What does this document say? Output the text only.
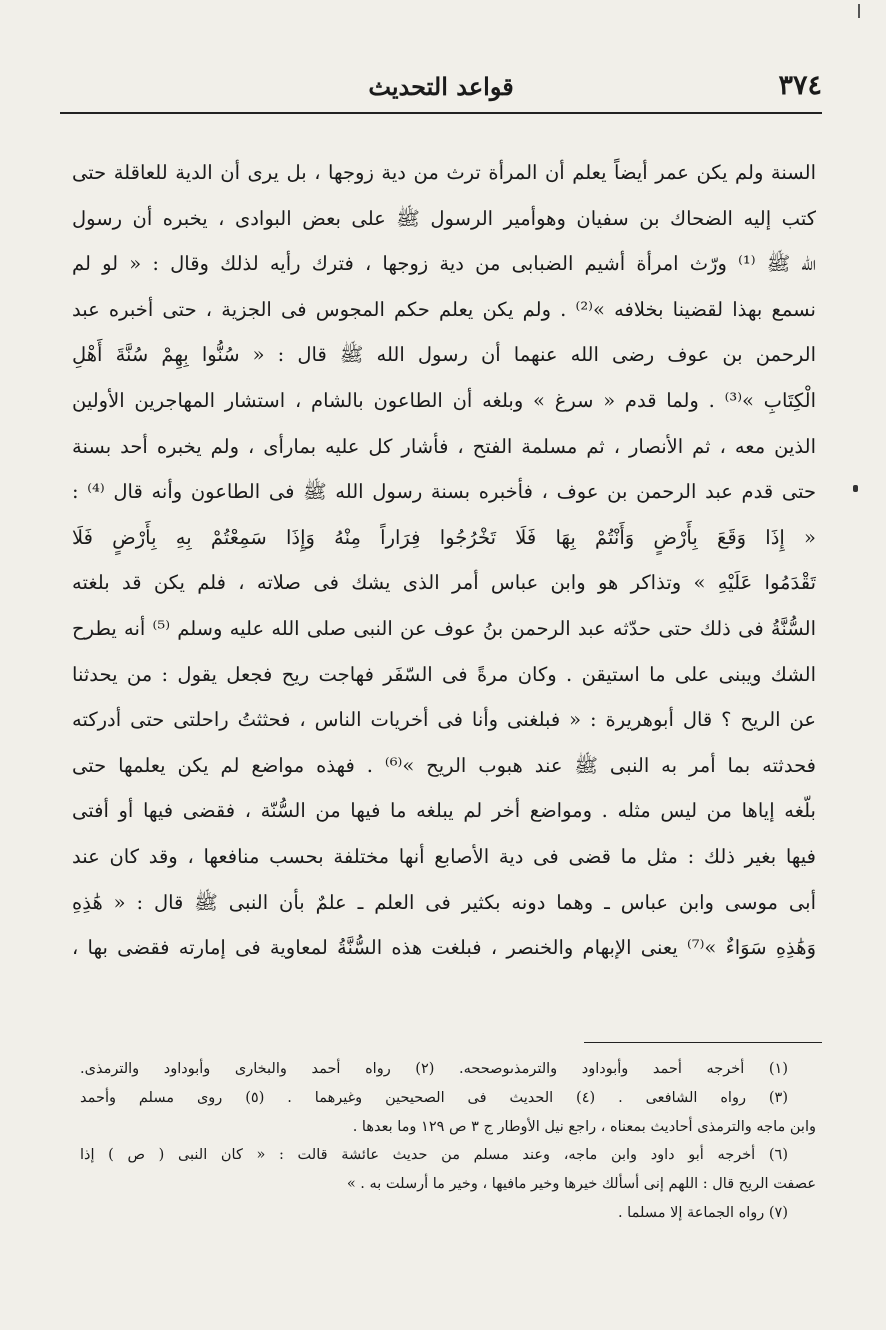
٣٧٤
قواعد التحديث
السنة ولم يكن عمر أيضاً يعلم أن المرأة ترث من دية زوجها ، بل يرى أن الدية للعاقلة حتى
كتب إليه الضحاك بن سفيان وهوأمير الرسول ﷺ على بعض البوادى ، يخبره أن رسول
الله ﷺ ⁽¹⁾ ورّث امرأة أشيم الضبابى من دية زوجها ، فترك رأيه لذلك وقال : « لو لم
نسمع بهذا لقضينا بخلافه »⁽²⁾ . ولم يكن يعلم حكم المجوس فى الجزية ، حتى أخبره عبد
الرحمن بن عوف رضى الله عنهما أن رسول الله ﷺ قال : « سُنُّوا بِهِمْ سُنَّةَ أَهْلِ
الْكِتَابِ »⁽³⁾ . ولما قدم « سرغ » وبلغه أن الطاعون بالشام ، استشار المهاجرين الأولين
الذين معه ، ثم الأنصار ، ثم مسلمة الفتح ، فأشار كل عليه بمارأى ، ولم يخبره أحد بسنة
حتى قدم عبد الرحمن بن عوف ، فأخبره بسنة رسول الله ﷺ فى الطاعون وأنه قال ⁽⁴⁾ :
« إِذَا وَقَعَ بِأَرْضٍ وَأَنْتُمْ بِهَا فَلَا تَخْرُجُوا فِرَاراً مِنْهُ وَإِذَا سَمِعْتُمْ بِهِ بِأَرْضٍ فَلَا
تَقْدَمُوا عَلَيْهِ » وتذاكر هو وابن عباس أمر الذى يشك فى صلاته ، فلم يكن قد بلغته
السُّنَّةُ فى ذلك حتى حدّثه عبد الرحمن بنُ عوف عن النبى صلى الله عليه وسلم ⁽⁵⁾ أنه يطرح
الشك ويبنى على ما استيقن . وكان مرةً فى السّفَر فهاجت ريح فجعل يقول : من يحدثنا
عن الريح ؟ قال أبوهريرة : « فبلغنى وأنا فى أخريات الناس ، فحثثتُ راحلتى حتى أدركته
فحدثته بما أمر به النبى ﷺ عند هبوب الريح »⁽⁶⁾ . فهذه مواضع لم يكن يعلمها حتى
بلّغه إياها من ليس مثله . ومواضع أخر لم يبلغه ما فيها من السُّنّة ، فقضى فيها أو أفتى
فيها بغير ذلك : مثل ما قضى فى دية الأصابع أنها مختلفة بحسب منافعها ، وقد كان عند
أبى موسى وابن عباس ـ وهما دونه بكثير فى العلم ـ علمٌ بأن النبى ﷺ قال : « هَٰذِهِ
وَهَٰذِهِ سَوَاءٌ »⁽⁷⁾ يعنى الإبهام والخنصر ، فبلغت هذه السُّنَّةُ لمعاوية فى إمارته فقضى بها ،
(١) أخرجه أحمد وأبوداود والترمذىوصححه. (٢) رواه أحمد والبخارى وأبوداود والترمذى.
(٣) رواه الشافعى . (٤) الحديث فى الصحيحين وغيرهما . (٥) روى مسلم وأحمد
وابن ماجه والترمذى أحاديث بمعناه ، راجع نيل الأوطار ج ٣ ص ١٢٩ وما بعدها .
(٦) أخرجه أبو داود وابن ماجه، وعند مسلم من حديث عائشة قالت : « كان النبى ( ص ) إذا
عصفت الريح قال : اللهم إنى أسألك خيرها وخير مافيها ، وخير ما أرسلت به . »
(٧) رواه الجماعة إلا مسلما .
